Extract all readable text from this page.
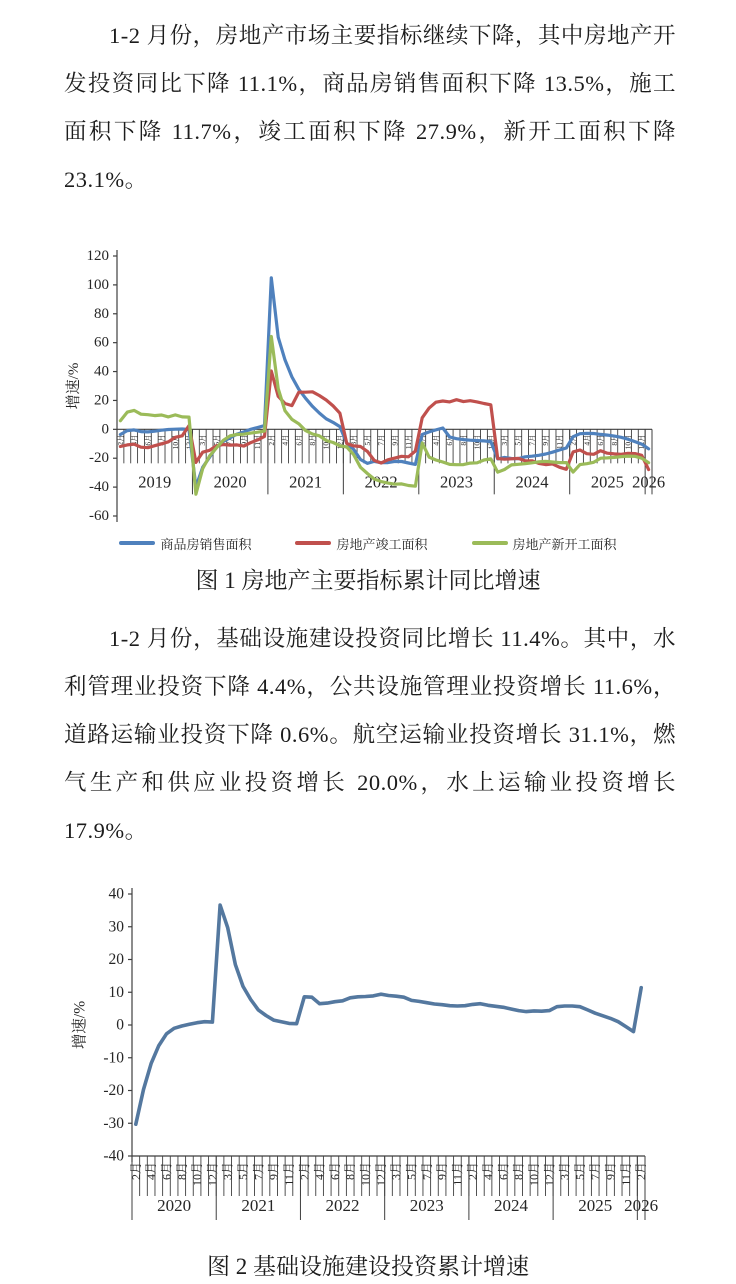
1-2 月份，房地产市场主要指标继续下降，其中房地产开发投资同比下降 11.1%，商品房销售面积下降 13.5%，施工面积下降 11.7%，竣工面积下降 27.9%，新开工面积下降 23.1%。

120
100
80
60
40
20
0
-20
-40
-60
增速/%
2月 4月 6月 8月 10月 12月 3月 5月 7月 9月 11月 2月 4月 6月 8月 10月 12月 3月 5月 7月 9月 11月 2月 4月 6月 8月 10月 12月 3月 5月 7月 9月 11月 2月 4月 6月 8月 10月 12月
2019	2020	2021	2022	2023	2024	2025 2026
商品房销售面积	房地产竣工面积	房地产新开工面积
图 1 房地产主要指标累计同比增速

1-2 月份，基础设施建设投资同比增长 11.4%。其中，水利管理业投资下降 4.4%，公共设施管理业投资增长 11.6%，道路运输业投资下降 0.6%。航空运输业投资增长 31.1%，燃气生产和供应业投资增长 20.0%，水上运输业投资增长 17.9%。

40
30
20
10
0
-10
-20
-30
-40
增速/%
2月 4月 6月 8月 10月 12月 3月 5月 7月 9月 11月 2月 4月 6月 8月 10月 12月 3月 5月 7月 9月 11月 2月 4月 6月 8月 10月 12月 3月 5月 7月 9月 11月 2月
2020	2021	2022	2023	2024	2025 2026
图 2 基础设施建设投资累计增速
